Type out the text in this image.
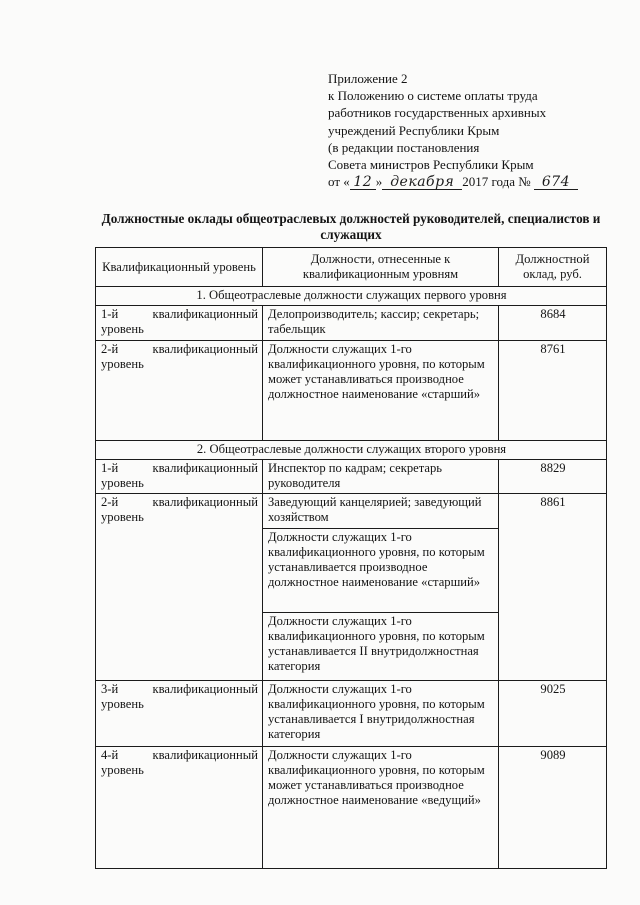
Приложение 2
к Положению о системе оплаты труда
работников государственных архивных
учреждений Республики Крым
(в редакции постановления
Совета министров Республики Крым
от « 12 » декабря 2017 года № 674
Должностные оклады общеотраслевых должностей руководителей, специалистов и служащих
Квалификационный уровень	Должности, отнесенные к квалификационным уровням	Должностной оклад, руб.
1. Общеотраслевые должности служащих первого уровня		
1-й квалификационный уровень	Делопроизводитель; кассир; секретарь; табельщик	8684
2-й квалификационный уровень	Должности служащих 1-го квалификационного уровня, по которым может устанавливаться производное должностное наименование «старший»	8761
2. Общеотраслевые должности служащих второго уровня		
1-й квалификационный уровень	Инспектор по кадрам; секретарь руководителя	8829
2-й квалификационный уровень	Заведующий канцелярией; заведующий хозяйством	8861
	Должности служащих 1-го квалификационного уровня, по которым устанавливается производное должностное наименование «старший»	
	Должности служащих 1-го квалификационного уровня, по которым устанавливается II внутридолжностная категория	
3-й квалификационный уровень	Должности служащих 1-го квалификационного уровня, по которым устанавливается I внутридолжностная категория	9025
4-й квалификационный уровень	Должности служащих 1-го квалификационного уровня, по которым может устанавливаться производное должностное наименование «ведущий»	9089
